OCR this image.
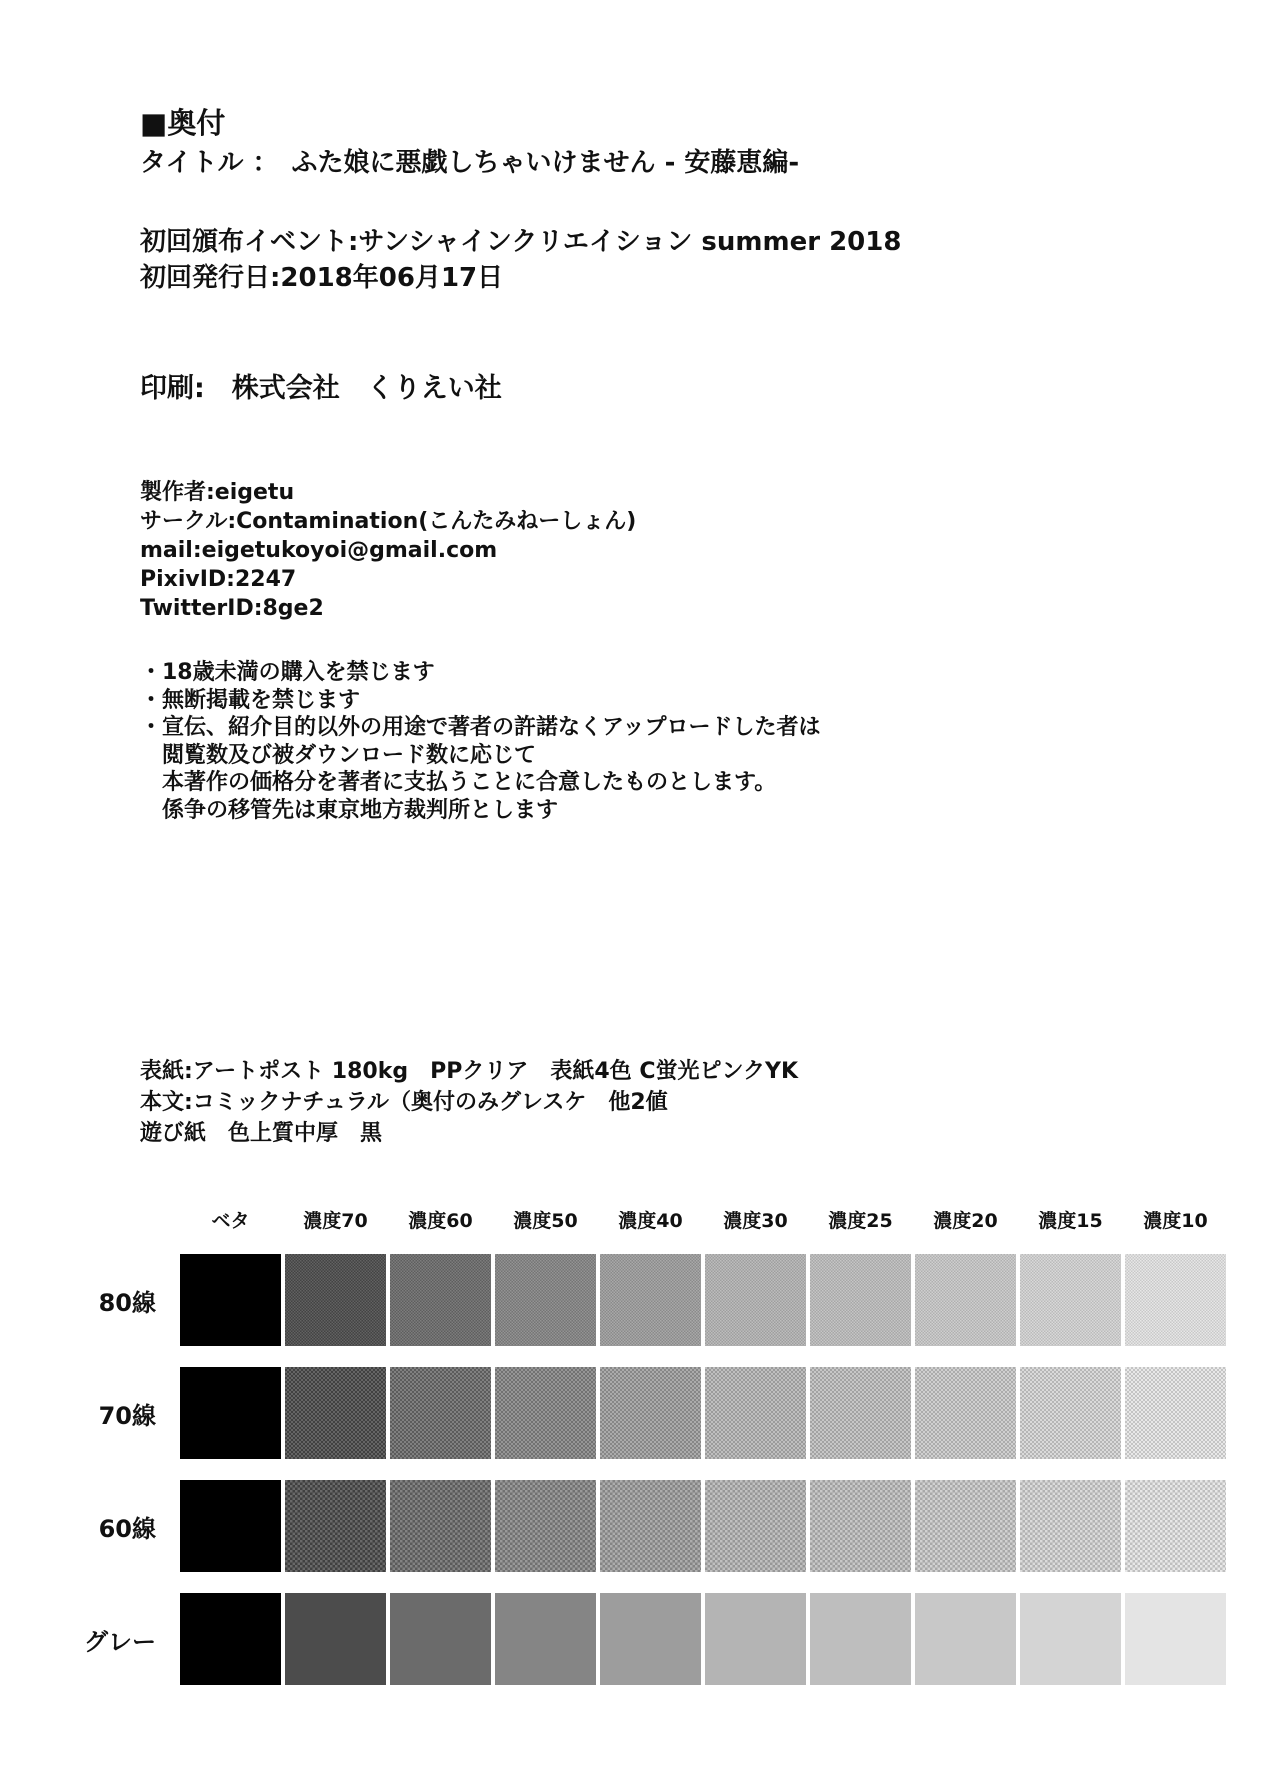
■奥付
タイトル ：　ふた娘に悪戯しちゃいけません - 安藤恵編-
初回頒布イベント:サンシャインクリエイション summer 2018
初回発行日:2018年06月17日
印刷:　株式会社　くりえい社
製作者:eigetu
サークル:Contamination(こんたみねーしょん)
mail:eigetukoyoi@gmail.com
PixivID:2247
TwitterID:8ge2
・18歳未満の購入を禁じます
・無断掲載を禁じます
・宣伝、紹介目的以外の用途で著者の許諾なくアップロードした者は
　閲覧数及び被ダウンロード数に応じて
　本著作の価格分を著者に支払うことに合意したものとします。
　係争の移管先は東京地方裁判所とします
表紙:アートポスト 180kg　PPクリア　表紙4色 C蛍光ピンクYK
本文:コミックナチュラル（奥付のみグレスケ　他2値
遊び紙　色上質中厚　黒
ベタ	濃度70	濃度60	濃度50	濃度40	濃度30	濃度25	濃度20	濃度15	濃度10
80線
70線
60線
グレー
